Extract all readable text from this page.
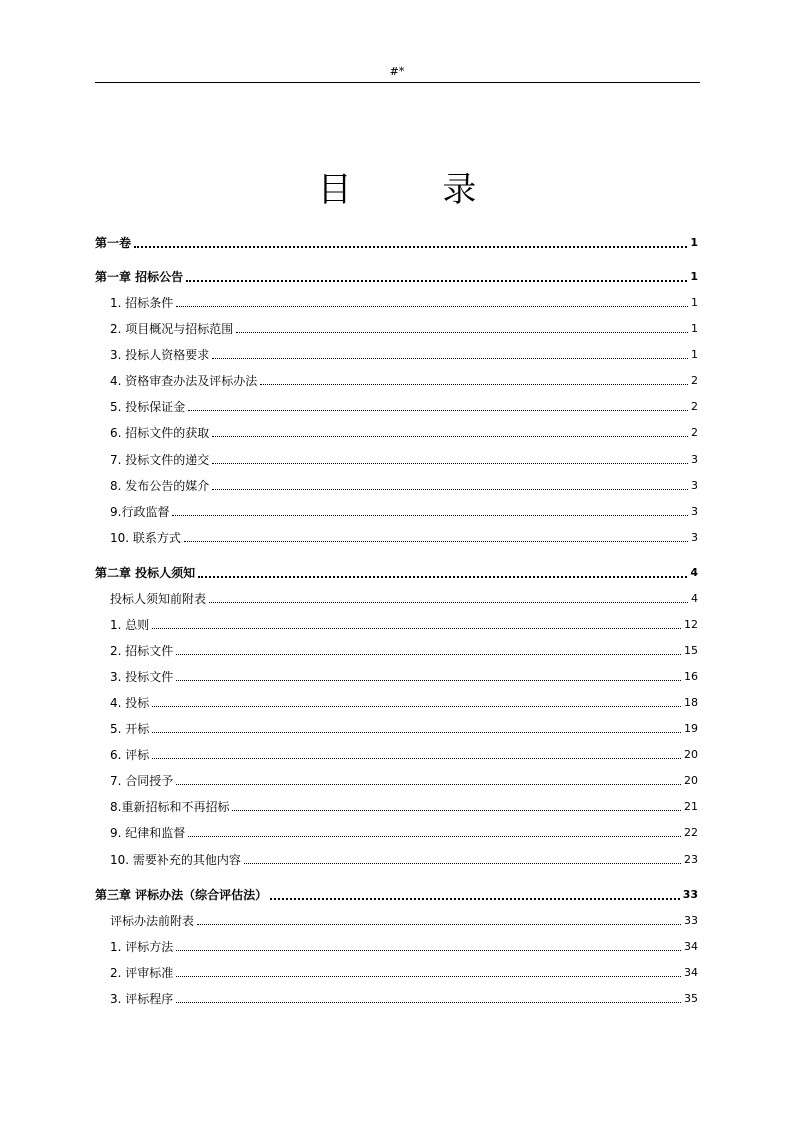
#*
目 录
第一卷	1
第一章 招标公告	1
1. 招标条件	1
2. 项目概况与招标范围	1
3. 投标人资格要求	1
4. 资格审查办法及评标办法	2
5. 投标保证金	2
6. 招标文件的获取	2
7. 投标文件的递交	3
8. 发布公告的媒介	3
9.行政监督	3
10. 联系方式	3
第二章 投标人须知	4
投标人须知前附表	4
1. 总则	12
2. 招标文件	15
3. 投标文件	16
4. 投标	18
5. 开标	19
6. 评标	20
7. 合同授予	20
8.重新招标和不再招标	21
9. 纪律和监督	22
10. 需要补充的其他内容	23
第三章 评标办法（综合评估法）	33
评标办法前附表	33
1. 评标方法	34
2. 评审标准	34
3. 评标程序	35
